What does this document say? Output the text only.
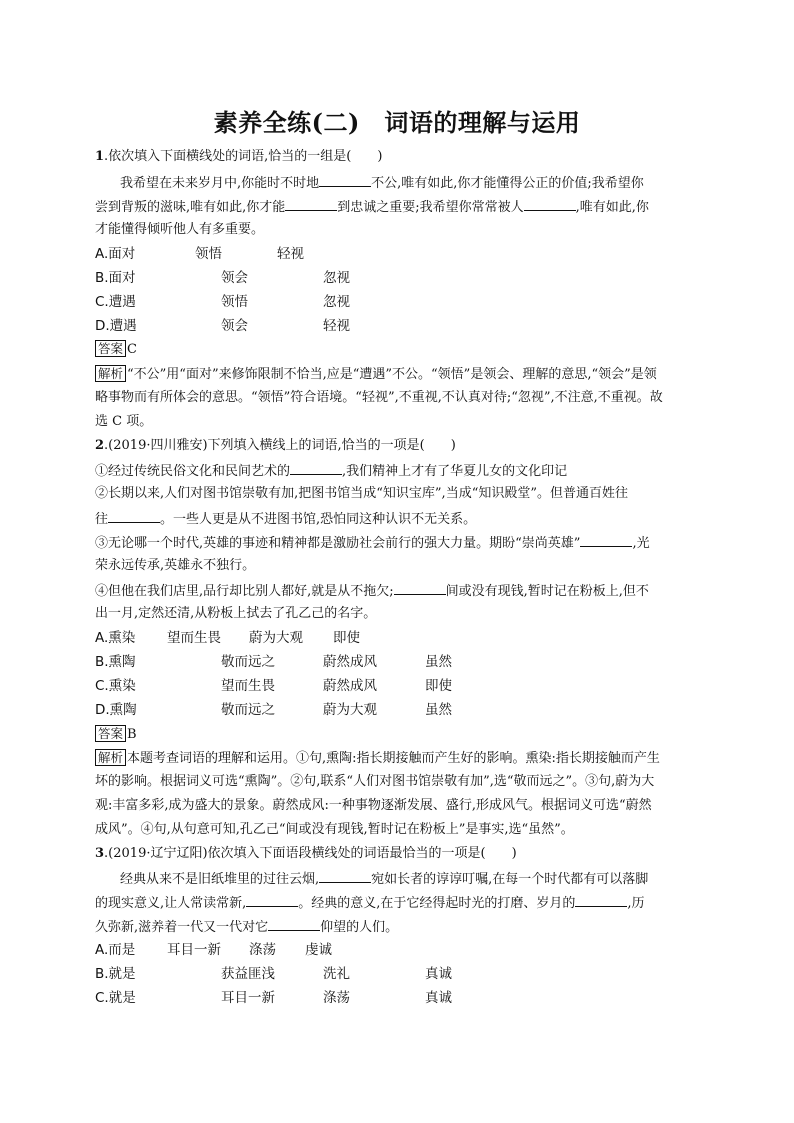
素养全练(二)　词语的理解与运用
1.依次填入下面横线处的词语,恰当的一组是(　　)
我希望在未来岁月中,你能时不时地	不公,唯有如此,你才能懂得公正的价值;我希望你
尝到背叛的滋味,唯有如此,你才能	到忠诚之重要;我希望你常常被人	,唯有如此,你
才能懂得倾听他人有多重要。
A.面对	领悟	轻视
B.面对	领会	忽视
C.遭遇	领悟	忽视
D.遭遇	领会	轻视
答案 C
解析 “不公”用“面对”来修饰限制不恰当,应是“遭遇”不公。“领悟”是领会、理解的意思,“领会”是领
略事物而有所体会的意思。“领悟”符合语境。“轻视”,不重视,不认真对待;“忽视”,不注意,不重视。故
选 C 项。
2.(2019·四川雅安)下列填入横线上的词语,恰当的一项是(　　)
①经过传统民俗文化和民间艺术的	,我们精神上才有了华夏儿女的文化印记
②长期以来,人们对图书馆崇敬有加,把图书馆当成“知识宝库”,当成“知识殿堂”。但普通百姓往
往	。一些人更是从不进图书馆,恐怕同这种认识不无关系。
③无论哪一个时代,英雄的事迹和精神都是激励社会前行的强大力量。期盼“崇尚英雄”	,光
荣永远传承,英雄永不独行。
④但他在我们店里,品行却比别人都好,就是从不拖欠;	间或没有现钱,暂时记在粉板上,但不
出一月,定然还清,从粉板上拭去了孔乙己的名字。
A.熏染 望而生畏 蔚为大观 即使
B.熏陶	敬而远之	蔚然成风	虽然
C.熏染	望而生畏	蔚然成风	即使
D.熏陶	敬而远之	蔚为大观	虽然
答案 B
解析 本题考查词语的理解和运用。①句,熏陶:指长期接触而产生好的影响。熏染:指长期接触而产生
坏的影响。根据词义可选“熏陶”。②句,联系“人们对图书馆崇敬有加”,选“敬而远之”。③句,蔚为大
观:丰富多彩,成为盛大的景象。蔚然成风:一种事物逐渐发展、盛行,形成风气。根据词义可选“蔚然
成风”。④句,从句意可知,孔乙己“间或没有现钱,暂时记在粉板上”是事实,选“虽然”。
3.(2019·辽宁辽阳)依次填入下面语段横线处的词语最恰当的一项是(　　)
经典从来不是旧纸堆里的过往云烟,	宛如长者的谆谆叮嘱,在每一个时代都有可以落脚
的现实意义,让人常读常新,	。经典的意义,在于它经得起时光的打磨、岁月的	,历
久弥新,滋养着一代又一代对它	仰望的人们。
A.而是 耳目一新 涤荡 虔诚
B.就是	获益匪浅	洗礼	真诚
C.就是	耳目一新	涤荡	真诚
